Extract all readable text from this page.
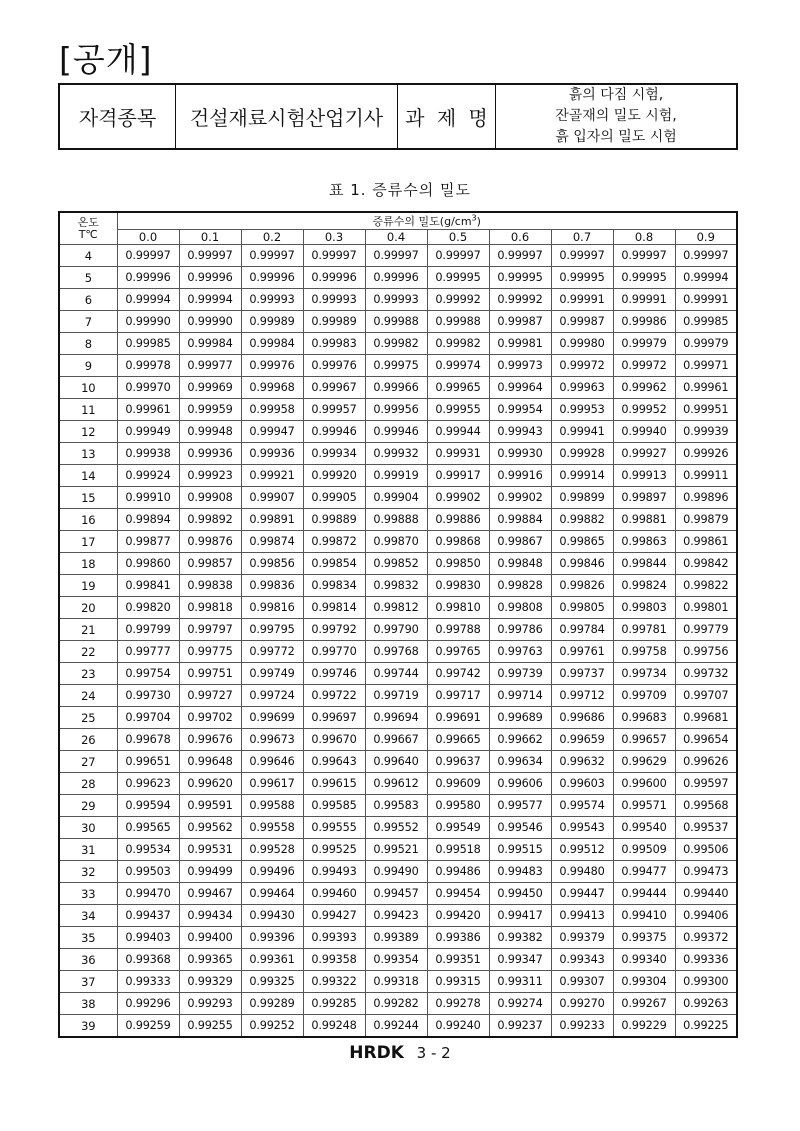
[공개]
자격종목	건설재료시험산업기사	과 제 명	
흙의 다짐 시험,
잔골재의 밀도 시험,
흙 입자의 밀도 시험
표 1. 증류수의 밀도
온도
T℃	증류수의 밀도$(g/cm^3)$									
	0.0	0.1	0.2	0.3	0.4	0.5	0.6	0.7	0.8	0.9
4	0.99997	0.99997	0.99997	0.99997	0.99997	0.99997	0.99997	0.99997	0.99997	0.99997
5	0.99996	0.99996	0.99996	0.99996	0.99996	0.99995	0.99995	0.99995	0.99995	0.99994
6	0.99994	0.99994	0.99993	0.99993	0.99993	0.99992	0.99992	0.99991	0.99991	0.99991
7	0.99990	0.99990	0.99989	0.99989	0.99988	0.99988	0.99987	0.99987	0.99986	0.99985
8	0.99985	0.99984	0.99984	0.99983	0.99982	0.99982	0.99981	0.99980	0.99979	0.99979
9	0.99978	0.99977	0.99976	0.99976	0.99975	0.99974	0.99973	0.99972	0.99972	0.99971
10	0.99970	0.99969	0.99968	0.99967	0.99966	0.99965	0.99964	0.99963	0.99962	0.99961
11	0.99961	0.99959	0.99958	0.99957	0.99956	0.99955	0.99954	0.99953	0.99952	0.99951
12	0.99949	0.99948	0.99947	0.99946	0.99946	0.99944	0.99943	0.99941	0.99940	0.99939
13	0.99938	0.99936	0.99936	0.99934	0.99932	0.99931	0.99930	0.99928	0.99927	0.99926
14	0.99924	0.99923	0.99921	0.99920	0.99919	0.99917	0.99916	0.99914	0.99913	0.99911
15	0.99910	0.99908	0.99907	0.99905	0.99904	0.99902	0.99902	0.99899	0.99897	0.99896
16	0.99894	0.99892	0.99891	0.99889	0.99888	0.99886	0.99884	0.99882	0.99881	0.99879
17	0.99877	0.99876	0.99874	0.99872	0.99870	0.99868	0.99867	0.99865	0.99863	0.99861
18	0.99860	0.99857	0.99856	0.99854	0.99852	0.99850	0.99848	0.99846	0.99844	0.99842
19	0.99841	0.99838	0.99836	0.99834	0.99832	0.99830	0.99828	0.99826	0.99824	0.99822
20	0.99820	0.99818	0.99816	0.99814	0.99812	0.99810	0.99808	0.99805	0.99803	0.99801
21	0.99799	0.99797	0.99795	0.99792	0.99790	0.99788	0.99786	0.99784	0.99781	0.99779
22	0.99777	0.99775	0.99772	0.99770	0.99768	0.99765	0.99763	0.99761	0.99758	0.99756
23	0.99754	0.99751	0.99749	0.99746	0.99744	0.99742	0.99739	0.99737	0.99734	0.99732
24	0.99730	0.99727	0.99724	0.99722	0.99719	0.99717	0.99714	0.99712	0.99709	0.99707
25	0.99704	0.99702	0.99699	0.99697	0.99694	0.99691	0.99689	0.99686	0.99683	0.99681
26	0.99678	0.99676	0.99673	0.99670	0.99667	0.99665	0.99662	0.99659	0.99657	0.99654
27	0.99651	0.99648	0.99646	0.99643	0.99640	0.99637	0.99634	0.99632	0.99629	0.99626
28	0.99623	0.99620	0.99617	0.99615	0.99612	0.99609	0.99606	0.99603	0.99600	0.99597
29	0.99594	0.99591	0.99588	0.99585	0.99583	0.99580	0.99577	0.99574	0.99571	0.99568
30	0.99565	0.99562	0.99558	0.99555	0.99552	0.99549	0.99546	0.99543	0.99540	0.99537
31	0.99534	0.99531	0.99528	0.99525	0.99521	0.99518	0.99515	0.99512	0.99509	0.99506
32	0.99503	0.99499	0.99496	0.99493	0.99490	0.99486	0.99483	0.99480	0.99477	0.99473
33	0.99470	0.99467	0.99464	0.99460	0.99457	0.99454	0.99450	0.99447	0.99444	0.99440
34	0.99437	0.99434	0.99430	0.99427	0.99423	0.99420	0.99417	0.99413	0.99410	0.99406
35	0.99403	0.99400	0.99396	0.99393	0.99389	0.99386	0.99382	0.99379	0.99375	0.99372
36	0.99368	0.99365	0.99361	0.99358	0.99354	0.99351	0.99347	0.99343	0.99340	0.99336
37	0.99333	0.99329	0.99325	0.99322	0.99318	0.99315	0.99311	0.99307	0.99304	0.99300
38	0.99296	0.99293	0.99289	0.99285	0.99282	0.99278	0.99274	0.99270	0.99267	0.99263
39	0.99259	0.99255	0.99252	0.99248	0.99244	0.99240	0.99237	0.99233	0.99229	0.99225
HRDK 3 - 2
